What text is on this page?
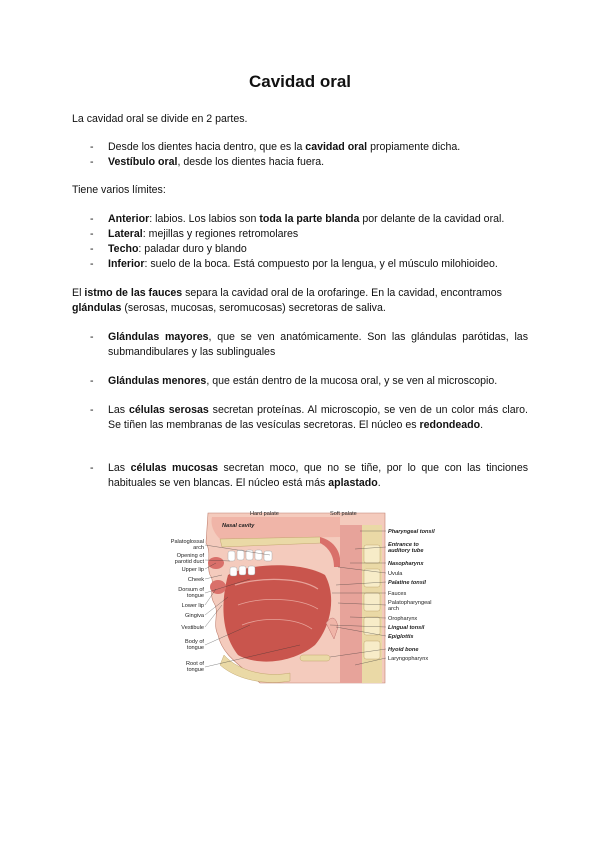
Cavidad oral

La cavidad oral se divide en 2 partes.

- Desde los dientes hacia dentro, que es la cavidad oral propiamente dicha.
- Vestíbulo oral, desde los dientes hacia fuera.

Tiene varios límites:

- Anterior: labios. Los labios son toda la parte blanda por delante de la cavidad oral.
- Lateral: mejillas y regiones retromolares
- Techo: paladar duro y blando
- Inferior: suelo de la boca. Está compuesto por la lengua, y el músculo milohioideo.

El istmo de las fauces separa la cavidad oral de la orofaringe. En la cavidad, encontramos glándulas (serosas, mucosas, seromucosas) secretoras de saliva.

- Glándulas mayores, que se ven anatómicamente. Son las glándulas parótidas, las submandibulares y las sublinguales
- Glándulas menores, que están dentro de la mucosa oral, y se ven al microscopio.
- Las células serosas secretan proteínas. Al microscopio, se ven de un color más claro. Se tiñen las membranas de las vesículas secretoras. El núcleo es redondeado.
- Las células mucosas secretan moco, que no se tiñe, por lo que con las tinciones habituales se ven blancas. El núcleo está más aplastado.
Hard palate	Soft palate
Nasal cavity
Palatoglossal
arch
Opening of
parotid duct
Upper lip
Cheek
Dorsum of
tongue
Lower lip
Gingiva
Vestibule
Body of
tongue
Root of
tongue
Pharyngeal tonsil
Entrance to
auditory tube
Nasopharynx
Uvula
Palatine tonsil
Fauces
Palatopharyngeal
arch
Oropharynx
Lingual tonsil
Epiglottis
Hyoid bone
Laryngopharynx
